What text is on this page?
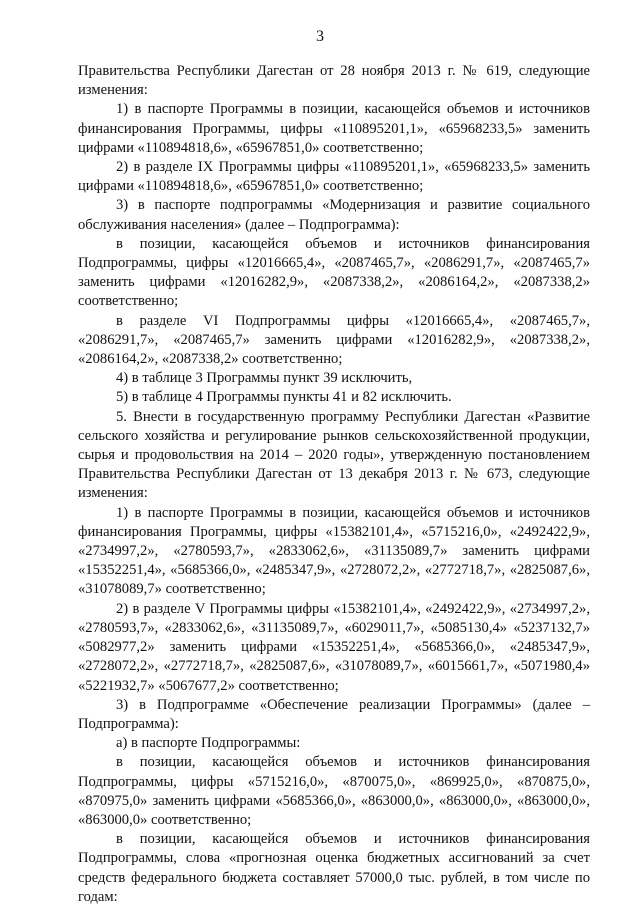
3

Правительства Республики Дагестан от 28 ноября 2013 г. № 619, следующие изменения:

1) в паспорте Программы в позиции, касающейся объемов и источников финансирования Программы, цифры «110895201,1», «65968233,5» заменить цифрами «110894818,6», «65967851,0» соответственно;

2) в разделе IX Программы цифры «110895201,1», «65968233,5» заменить цифрами «110894818,6», «65967851,0» соответственно;

3) в паспорте подпрограммы «Модернизация и развитие социального обслуживания населения» (далее – Подпрограмма):

в позиции, касающейся объемов и источников финансирования Подпрограммы, цифры «12016665,4», «2087465,7», «2086291,7», «2087465,7» заменить цифрами «12016282,9», «2087338,2», «2086164,2», «2087338,2» соответственно;

в разделе VI Подпрограммы цифры «12016665,4», «2087465,7», «2086291,7», «2087465,7» заменить цифрами «12016282,9», «2087338,2», «2086164,2», «2087338,2» соответственно;

4) в таблице 3 Программы пункт 39 исключить,

5) в таблице 4 Программы пункты 41 и 82 исключить.

5. Внести в государственную программу Республики Дагестан «Развитие сельского хозяйства и регулирование рынков сельскохозяйственной продукции, сырья и продовольствия на 2014 – 2020 годы», утвержденную постановлением Правительства Республики Дагестан от 13 декабря 2013 г. № 673, следующие изменения:

1) в паспорте Программы в позиции, касающейся объемов и источников финансирования Программы, цифры «15382101,4», «5715216,0», «2492422,9», «2734997,2», «2780593,7», «2833062,6», «31135089,7» заменить цифрами «15352251,4», «5685366,0», «2485347,9», «2728072,2», «2772718,7», «2825087,6», «31078089,7» соответственно;

2) в разделе V Программы цифры «15382101,4», «2492422,9», «2734997,2», «2780593,7», «2833062,6», «31135089,7», «6029011,7», «5085130,4» «5237132,7» «5082977,2» заменить цифрами «15352251,4», «5685366,0», «2485347,9», «2728072,2», «2772718,7», «2825087,6», «31078089,7», «6015661,7», «5071980,4» «5221932,7» «5067677,2» соответственно;

3) в Подпрограмме «Обеспечение реализации Программы» (далее – Подпрограмма):

а) в паспорте Подпрограммы:

в позиции, касающейся объемов и источников финансирования Подпрограммы, цифры «5715216,0», «870075,0», «869925,0», «870875,0», «870975,0» заменить цифрами «5685366,0», «863000,0», «863000,0», «863000,0», «863000,0» соответственно;

в позиции, касающейся объемов и источников финансирования Подпрограммы, слова «прогнозная оценка бюджетных ассигнований за счет средств федерального бюджета составляет 57000,0 тыс. рублей, в том числе по годам:
